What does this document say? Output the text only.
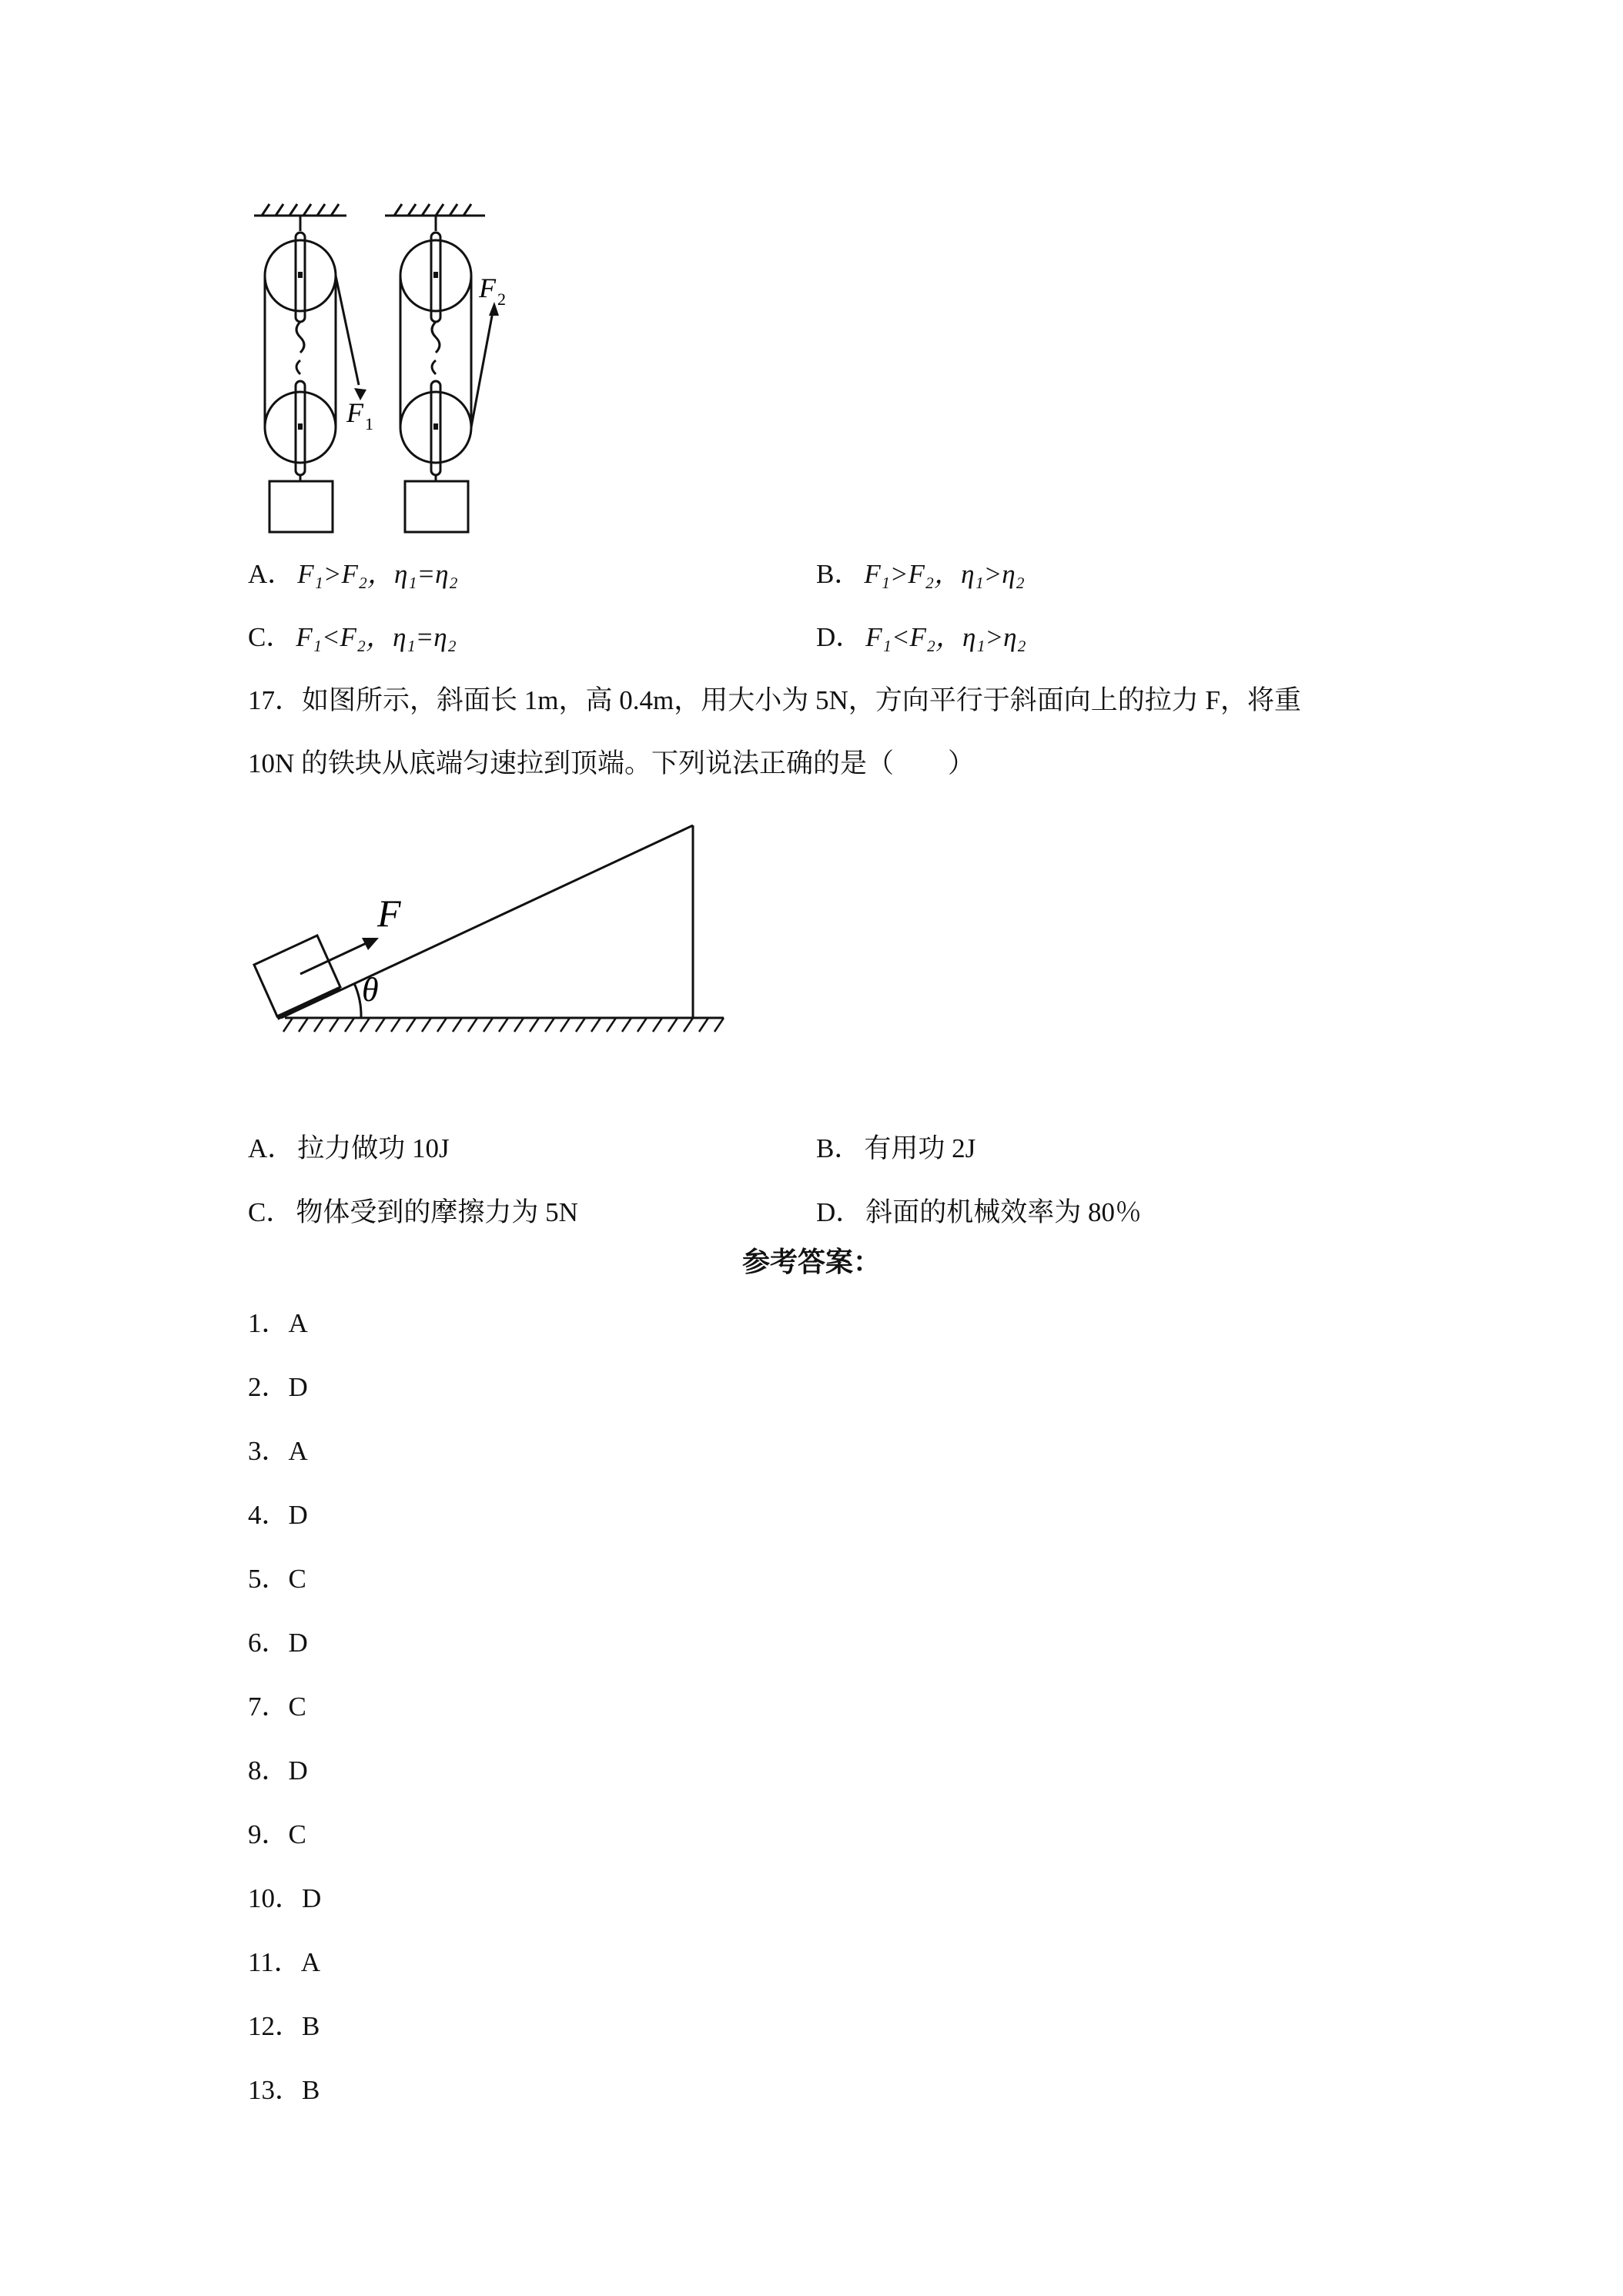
F 1
F 2
A． F₁>F₂，η₁=η₂	B． F₁>F₂，η₁>η₂
C． F₁<F₂，η₁=η₂	D． F₁<F₂，η₁>η₂
17．如图所示，斜面长 1m，高 0.4m，用大小为 5N，方向平行于斜面向上的拉力 F，将重
10N 的铁块从底端匀速拉到顶端。下列说法正确的是（　　）
F
θ
A． 拉力做功 10J	B． 有用功 2J
C． 物体受到的摩擦力为 5N	D． 斜面的机械效率为 80％
参考答案：
1．A
2．D
3．A
4．D
5．C
6．D
7．C
8．D
9．C
10．D
11．A
12．B
13．B
